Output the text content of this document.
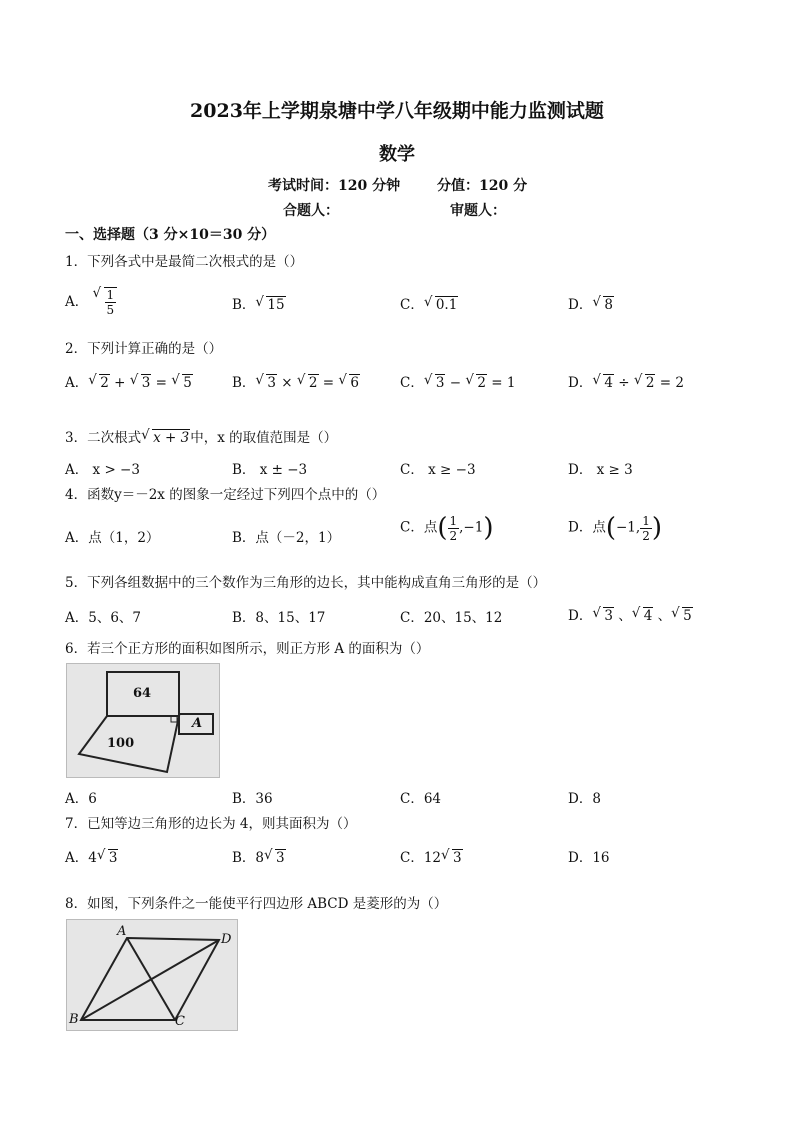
2023年上学期泉塘中学八年级期中能力监测试题
数学
考试时间：120 分钟	分值：120 分
合题人：	审题人：
一、选择题（3 分×10＝30 分）
1．下列各式中是最简二次根式的是（）
A． √ $\frac{1}{5}$	B． √ 15	C． √ 0.1	D． √ 8
2．下列计算正确的是（）
A． √ 2 + √ 3 = √ 5	B． √ 3 × √ 2 = √ 6	C． √ 3 − √ 2 = 1	D． √ 4 ÷ √ 2 = 2
3．二次根式 √ x + 3中，x 的取值范围是（）
A． x > −3	B． x ± −3	C． x ≥ −3	D． x ≥ 3
4．函数y＝－2x 的图象一定经过下列四个点中的（）
A．点（1，2）	B．点（－2，1）
C．点( $\frac{1}{2} ,-1$)	D．点(−1, $\frac{1}{2}$ )
5．下列各组数据中的三个数作为三角形的边长，其中能构成直角三角形的是（）
A．5、6、7	B．8、15、17	C．20、15、12	D． √ 3 、 √ 4 、 √ 5
6．若三个正方形的面积如图所示，则正方形 A 的面积为（）
64
100
A
A．6	B．36	C．64	D．8
7．已知等边三角形的边长为 4，则其面积为（）
A．4 √ 3	B．8 √ 3	C．12 √ 3	D．16
8．如图，下列条件之一能使平行四边形 ABCD 是菱形的为（）
A
B	C
D
